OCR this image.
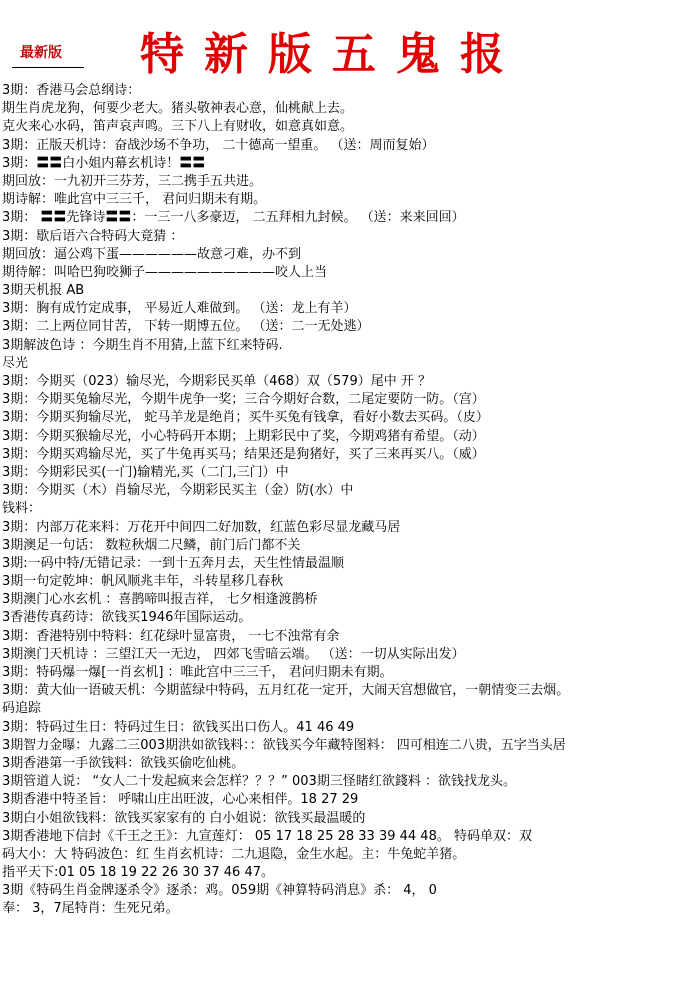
最新版 特新版五鬼报
3期：香港马会总纲诗：
期生肖虎龙狗，何要少老大。猪头敬神表心意，仙桃献上去。
克火来心水码，笛声哀声鸣。三下八上有财收，如意真如意。
3期：正版天机诗：奋战沙场不争功， 二十德高一望重。 （送：周而复始）
3期：〓〓白小姐内幕玄机诗！〓〓
期回放：一九初开三芬芳，三二携手五共进。
期诗解：唯此宫中三三千， 君问归期未有期。
3期： 〓〓先锋诗〓〓：一三一八多豪迈， 二五拜相九封候。 （送：来来回回）
3期：歇后语六合特码大竟猜 ：
期回放：逼公鸡下蛋——————故意刁难，办不到
期待解：叫哈巴狗咬狮子——————————咬人上当
3期天机报 AB
3期：胸有成竹定成事， 平易近人难做到。 （送：龙上有羊）
3期：二上两位同甘苦， 下转一期博五位。 （送：二一无处逃）
3期解波色诗 ：今期生肖不用猜,上蓝下红来特码.
尽光
3期：今期买（023）输尽光，今期彩民买单（468）双（579）尾中 开 ？
3期：今期买兔输尽光，今期牛虎争一奖；三合今期好合数，二尾定要防一防。（宫）
3期：今期买狗输尽光， 蛇马羊龙是绝肖；买牛买兔有钱拿，看好小数去买码。（皮）
3期：今期买猴输尽光，小心特码开本期；上期彩民中了奖，今期鸡猪有希望。（动）
3期：今期买鸡输尽光，买了牛兔再买马；结果还是狗猪好，买了三来再买八。（威）
3期：今期彩民买(一门)输精光,买（二门,三门）中
3期：今期买（木）肖输尽光，今期彩民买主（金）防(水）中
钱料：
3期：内部万花来料：万花开中间四二好加数，红蓝色彩尽显龙藏马居
3期澳足一句话： 数粒秋烟二尺鳞，前门后门都不关
3期:一码中特/无错记录：一到十五奔月去，天生性情最温顺
3期一句定乾坤：帆风顺兆丰年，斗转星移几春秋
3期澳门心水玄机 ：喜鹊啼叫报吉祥， 七夕相逢渡鹊桥
3香港传真药诗：欲钱买1946年国际运动。
3期：香港特别中特料：红花绿叶显富贵， 一七不浊常有余
3期澳门天机诗 ：三望江天一无边， 四郊飞雪暗云端。 （送：一切从实际出发）
3期：特码爆一爆[一肖玄机] ：唯此宫中三三千， 君问归期未有期。
3期：黄大仙一语破天机：今期蓝绿中特码，五月红花一定开，大闹天宫想做官，一朝情变三去烟。
码追踪
3期：特码过生日：特码过生日：欲钱买出口伤人。41 46 49
3期智力金曝：九露二三003期洪如欲钱料：：欲钱买今年藏特图料： 四可相连二八贵，五字当头居
3期香港第一手欲钱料：欲钱买偷吃仙桃。
3期管道人说： “女人二十发起疯来会怎样？？？” 003期三怪睹红欲錢料 ：欲钱找龙头。
3期香港中特圣旨： 呼啸山庄出旺波，心心来相伴。18 27 29
3期白小姐欲钱料：欲钱买家家有的 白小姐说：欲钱买最温暖的
3期香港地下信封《千王之王》：九宣莲灯： 05 17 18 25 28 33 39 44 48。 特码单双：双
码大小：大 特码波色：红 生肖玄机诗：二九退隐，金生水起。主：牛兔蛇羊猪。
指平天下:01 05 18 19 22 26 30 37 46 47。
3期《特码生肖金牌逐杀令》逐杀：鸡。059期《神算特码消息》杀： 4， 0
奉： 3，7尾特肖：生死兄弟。
